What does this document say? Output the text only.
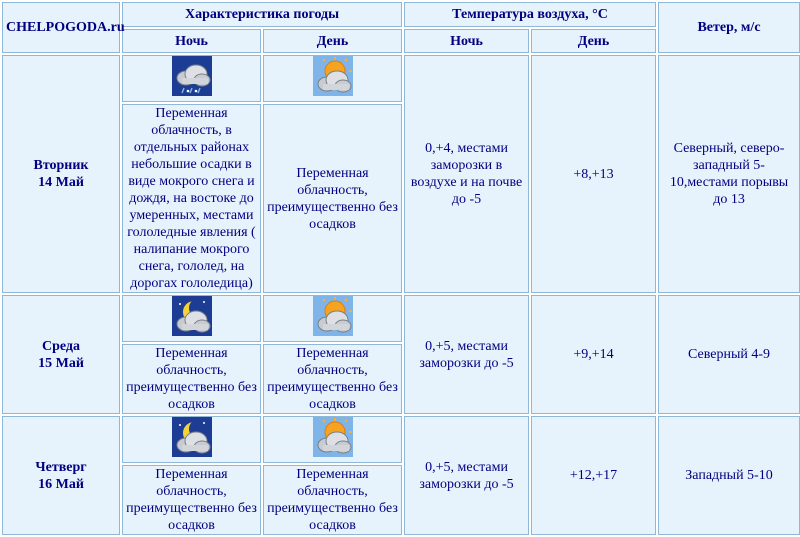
CHELPOGODA.ru	Характеристика погоды		Температура воздуха, °С		Ветер, м/с
	Ночь	День	Ночь	День	

Вторник
14 Май			0,+4, местами заморозки в воздухе и на почве до -5	+8,+13	Северный, северо-западный 5-10,местами порывы до 13
	Переменная облачность, в отдельных районах небольшие осадки в виде мокрого снега и дождя, на востоке до умеренных, местами гололедные явления ( налипание мокрого снега, гололед, на дорогах гололедица)	Переменная облачность, преимущественно без осадков			

Среда
15 Май			0,+5, местами заморозки до -5	+9,+14	Северный 4-9
	Переменная облачность, преимущественно без осадков	Переменная облачность, преимущественно без осадков			

Четверг
16 Май			0,+5, местами заморозки до -5	+12,+17	Западный 5-10
	Переменная облачность, преимущественно без осадков	Переменная облачность, преимущественно без осадков			
